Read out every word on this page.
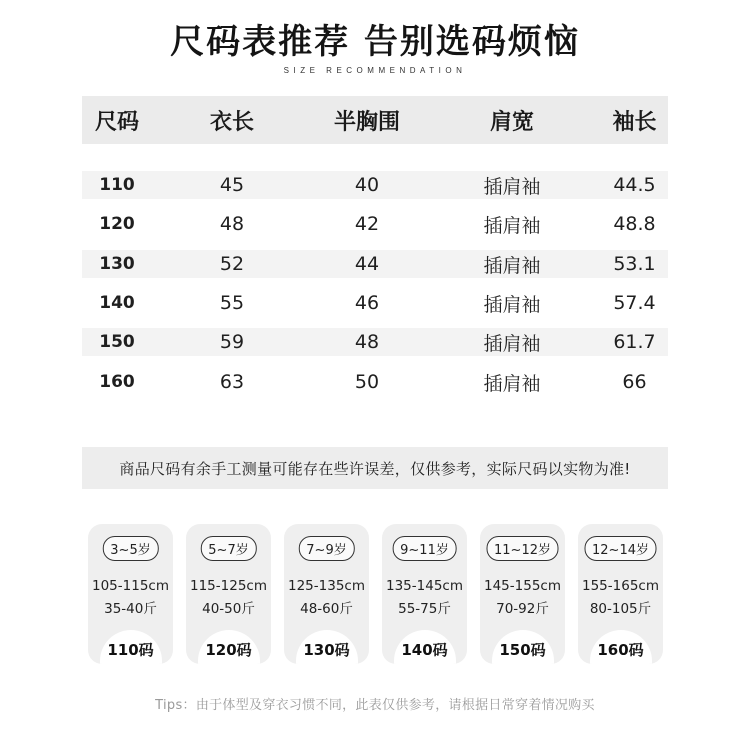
尺码表推荐 告别选码烦恼
SIZE RECOMMENDATION
尺码	衣长	半胸围	肩宽	袖长
110	45	40	插肩袖	44.5
120	48	42	插肩袖	48.8
130	52	44	插肩袖	53.1
140	55	46	插肩袖	57.4
150	59	48	插肩袖	61.7
160	63	50	插肩袖	66
商品尺码有余手工测量可能存在些许误差，仅供参考，实际尺码以实物为准!
3~5岁
105-115cm
35-40斤
110码
5~7岁
115-125cm
40-50斤
120码
7~9岁
125-135cm
48-60斤
130码
9~11岁
135-145cm
55-75斤
140码
11~12岁
145-155cm
70-92斤
150码
12~14岁
155-165cm
80-105斤
160码
Tips：由于体型及穿衣习惯不同，此表仅供参考，请根据日常穿着情况购买
